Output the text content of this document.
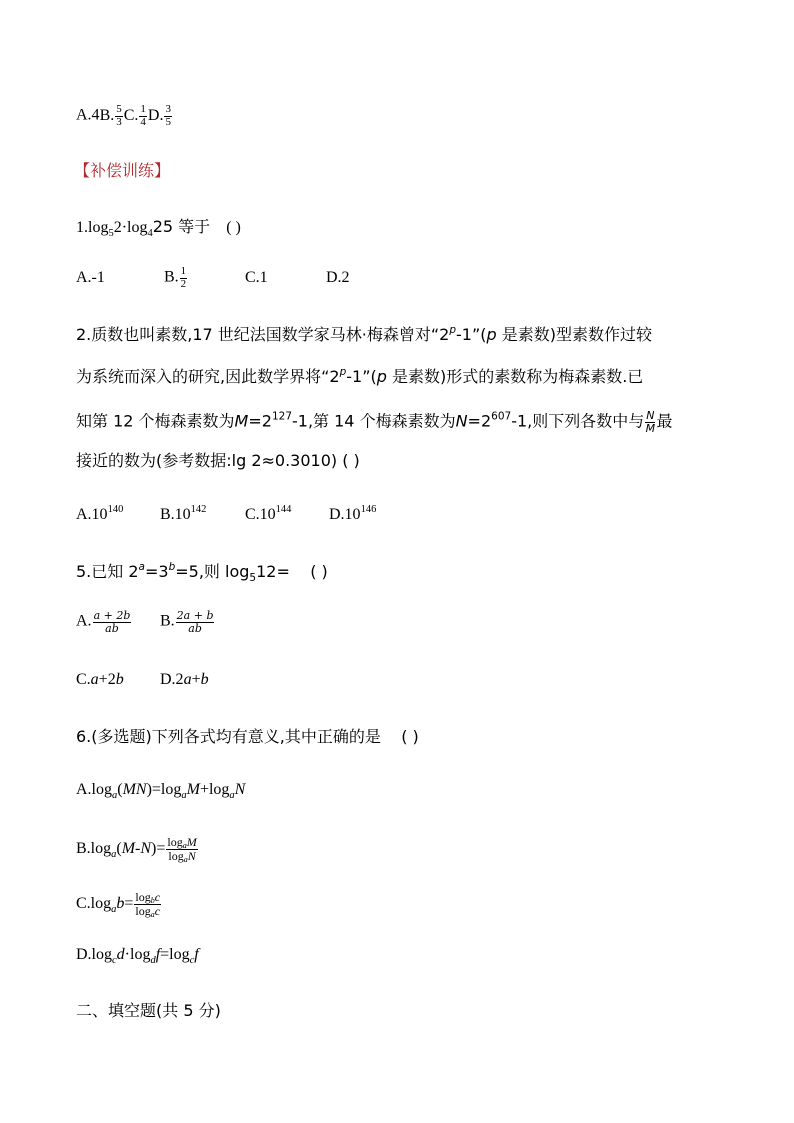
A.4B. $\frac{5}{3} C$. $\frac{1}{4} D$. $\frac{3}{5}$
【补偿训练】
$1.\log_52\cdot\log_425$ 等于 ( )
A.-1	B. $\frac{1}{2}$	C.1	D.2
2.质数也叫素数,17 世纪法国数学家马林·梅森曾对“2$^p$-1”(p 是素数)型素数作过较
为系统而深入的研究,因此数学界将“2$^p$-1”(p 是素数)形式的素数称为梅森素数.已
知第 12 个梅森素数为$M=2^{127}-1$,第 14 个梅森素数为$N=2^{607}-1$,则下列各数中与 $\frac{N}{M}$ 最
接近的数为(参考数据:lg 2≈0.3010) ( )
$A.10^{140}$ $B.10^{142}$ $C.10^{144}$ $D.10^{146}$
5.已知 $2^a=3^b=5$,则 $\log_512=$ ( )
A. $\frac{a + 2b}{ab} B$. $\frac{2a + b}{ab}$
C.a+2b D.2a+b
6.(多选题)下列各式均有意义,其中正确的是 ( )
$A.\log_a(MN)=\log_aM+\log_aN$
$B.\log_a(M-N)= \frac{\log_aM}{\log_aN}$
$C.\log_ab= \frac{\log_bc}{\log_ac}$
$D.\log_cd\cdot\log_df=\log_cf$
二、填空题(共 5 分)
